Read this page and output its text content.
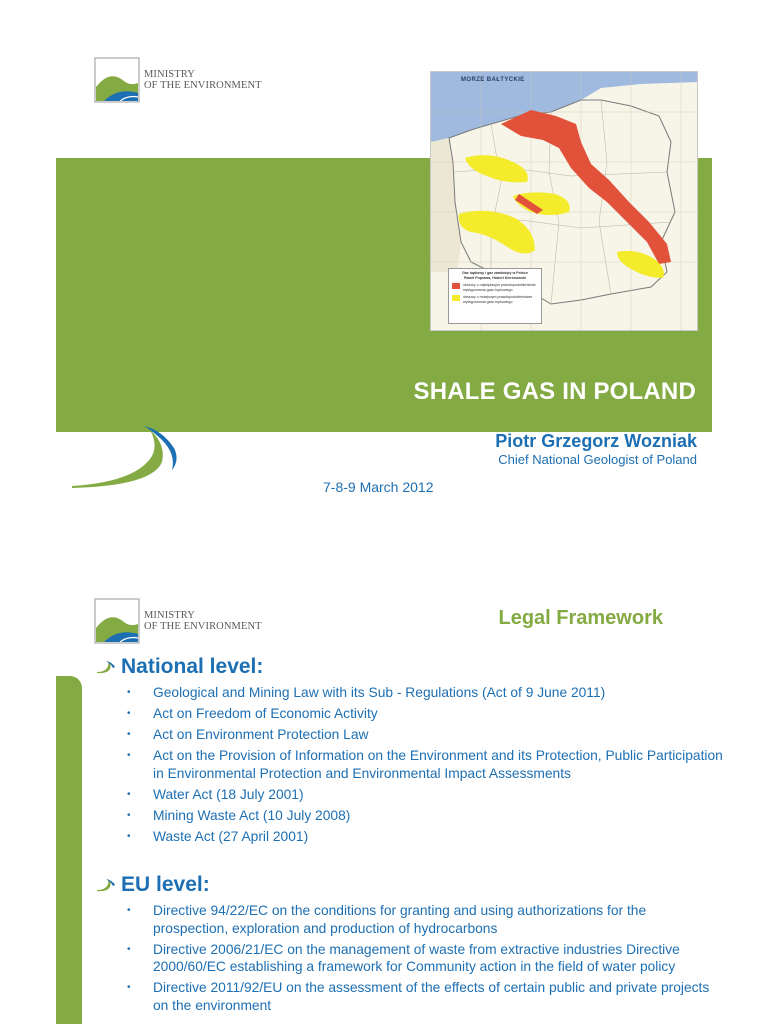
MINISTRY
OF THE ENVIRONMENT	MORZE BAŁTYCKIE
Gaz łupkowy i gaz zamknięty w Polsce
Paweł Poprawa, Hubert Kiersnowski
obszary o największym prawdopodobieństwie występowania gazu łupkowego
obszary o mniejszym prawdopodobieństwie występowania gazu łupkowego
SHALE GAS IN POLAND
Piotr Grzegorz Wozniak
Chief National Geologist of Poland
7-8-9 March 2012
MINISTRY
OF THE ENVIRONMENT	Legal Framework
National level:
• Geological and Mining Law with its Sub - Regulations (Act of 9 June 2011)
• Act on Freedom of Economic Activity
• Act on Environment Protection Law
• Act on the Provision of Information on the Environment and its Protection, Public Participation in Environmental Protection and Environmental Impact Assessments
• Water Act (18 July 2001)
• Mining Waste Act (10 July 2008)
• Waste Act (27 April 2001)
EU level:
• Directive 94/22/EC on the conditions for granting and using authorizations for the prospection, exploration and production of hydrocarbons
• Directive 2006/21/EC on the management of waste from extractive industries Directive 2000/60/EC establishing a framework for Community action in the field of water policy
• Directive 2011/92/EU on the assessment of the effects of certain public and private projects on the environment
